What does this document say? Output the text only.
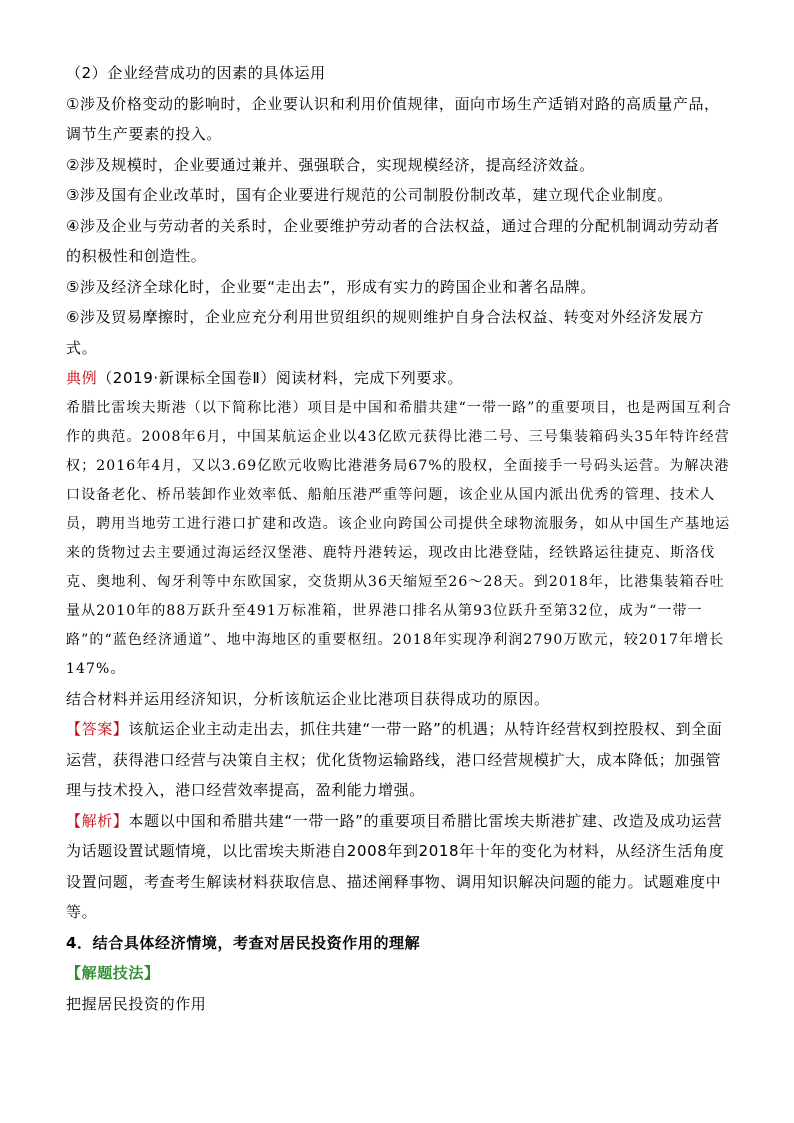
（2）企业经营成功的因素的具体运用

①涉及价格变动的影响时，企业要认识和利用价值规律，面向市场生产适销对路的高质量产品，调节生产要素的投入。

②涉及规模时，企业要通过兼并、强强联合，实现规模经济，提高经济效益。

③涉及国有企业改革时，国有企业要进行规范的公司制股份制改革，建立现代企业制度。

④涉及企业与劳动者的关系时，企业要维护劳动者的合法权益，通过合理的分配机制调动劳动者的积极性和创造性。

⑤涉及经济全球化时，企业要“走出去”，形成有实力的跨国企业和著名品牌。

⑥涉及贸易摩擦时，企业应充分利用世贸组织的规则维护自身合法权益、转变对外经济发展方式。

典例（2019·新课标全国卷Ⅱ）阅读材料，完成下列要求。

希腊比雷埃夫斯港（以下简称比港）项目是中国和希腊共建“一带一路”的重要项目，也是两国互利合作的典范。2008年6月，中国某航运企业以43亿欧元获得比港二号、三号集装箱码头35年特许经营权；2016年4月，又以3.69亿欧元收购比港港务局67%的股权，全面接手一号码头运营。为解决港口设备老化、桥吊装卸作业效率低、船舶压港严重等问题，该企业从国内派出优秀的管理、技术人员，聘用当地劳工进行港口扩建和改造。该企业向跨国公司提供全球物流服务，如从中国生产基地运来的货物过去主要通过海运经汉堡港、鹿特丹港转运，现改由比港登陆，经铁路运往捷克、斯洛伐克、奥地利、匈牙利等中东欧国家，交货期从36天缩短至26～28天。到2018年，比港集装箱吞吐量从2010年的88万跃升至491万标准箱，世界港口排名从第93位跃升至第32位，成为“一带一路”的“蓝色经济通道”、地中海地区的重要枢纽。2018年实现净利润2790万欧元，较2017年增长147%。

结合材料并运用经济知识，分析该航运企业比港项目获得成功的原因。

【答案】该航运企业主动走出去，抓住共建“一带一路”的机遇；从特许经营权到控股权、到全面运营，获得港口经营与决策自主权；优化货物运输路线，港口经营规模扩大，成本降低；加强管理与技术投入，港口经营效率提高，盈利能力增强。

【解析】本题以中国和希腊共建“一带一路”的重要项目希腊比雷埃夫斯港扩建、改造及成功运营为话题设置试题情境，以比雷埃夫斯港自2008年到2018年十年的变化为材料，从经济生活角度设置问题，考查考生解读材料获取信息、描述阐释事物、调用知识解决问题的能力。试题难度中等。

4．结合具体经济情境，考查对居民投资作用的理解

【解题技法】

把握居民投资的作用
